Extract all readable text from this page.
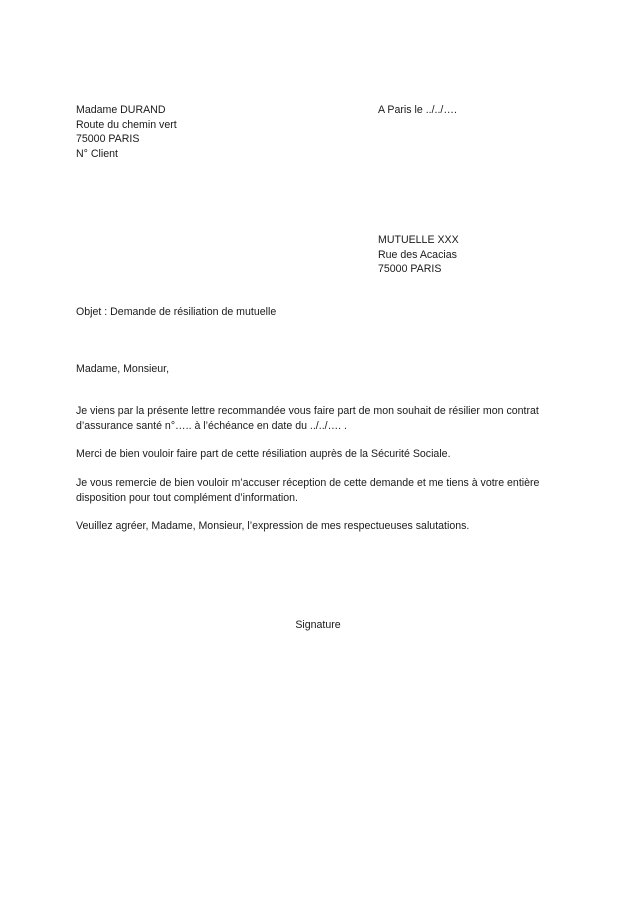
Madame DURAND
Route du chemin vert
75000 PARIS
N° Client
A Paris le ../../….
MUTUELLE XXX
Rue des Acacias
75000 PARIS
Objet : Demande de résiliation de mutuelle
Madame, Monsieur,
Je viens par la présente lettre recommandée vous faire part de mon souhait de résilier mon contrat
d’assurance santé n°….. à l’échéance en date du ../../…. .
Merci de bien vouloir faire part de cette résiliation auprès de la Sécurité Sociale.
Je vous remercie de bien vouloir m’accuser réception de cette demande et me tiens à votre entière
disposition pour tout complément d’information.
Veuillez agréer, Madame, Monsieur, l’expression de mes respectueuses salutations.
Signature
